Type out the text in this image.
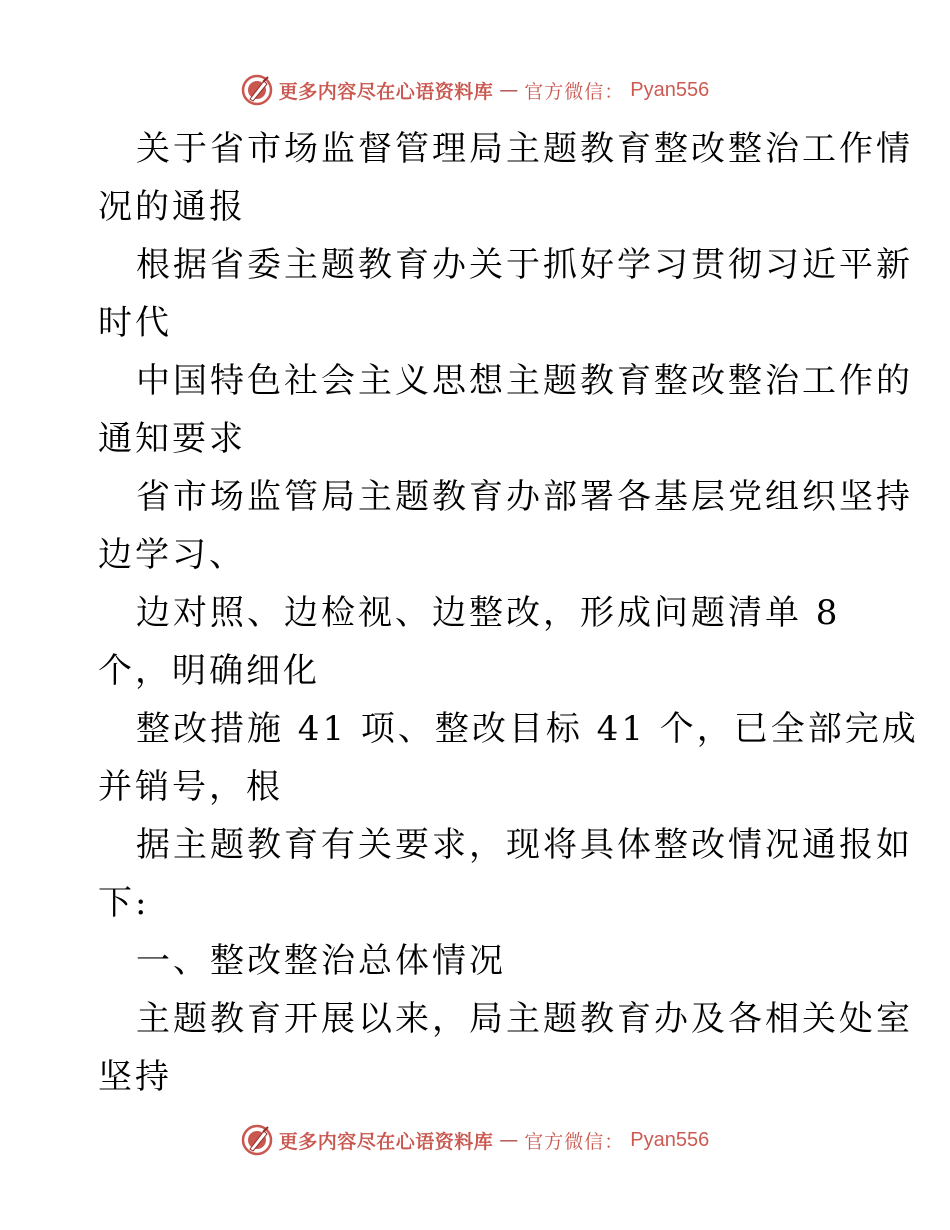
更多内容尽在心语资料库 — 官方微信： Pyan556
关于省市场监督管理局主题教育整改整治工作情
况的通报
根据省委主题教育办关于抓好学习贯彻习近平新
时代
中国特色社会主义思想主题教育整改整治工作的
通知要求
省市场监管局主题教育办部署各基层党组织坚持
边学习、
边对照、边检视、边整改，形成问题清单 8
个，明确细化
整改措施 41 项、整改目标 41 个，已全部完成
并销号，根
据主题教育有关要求，现将具体整改情况通报如
下:
一、整改整治总体情况
主题教育开展以来，局主题教育办及各相关处室
坚持
更多内容尽在心语资料库 — 官方微信： Pyan556
